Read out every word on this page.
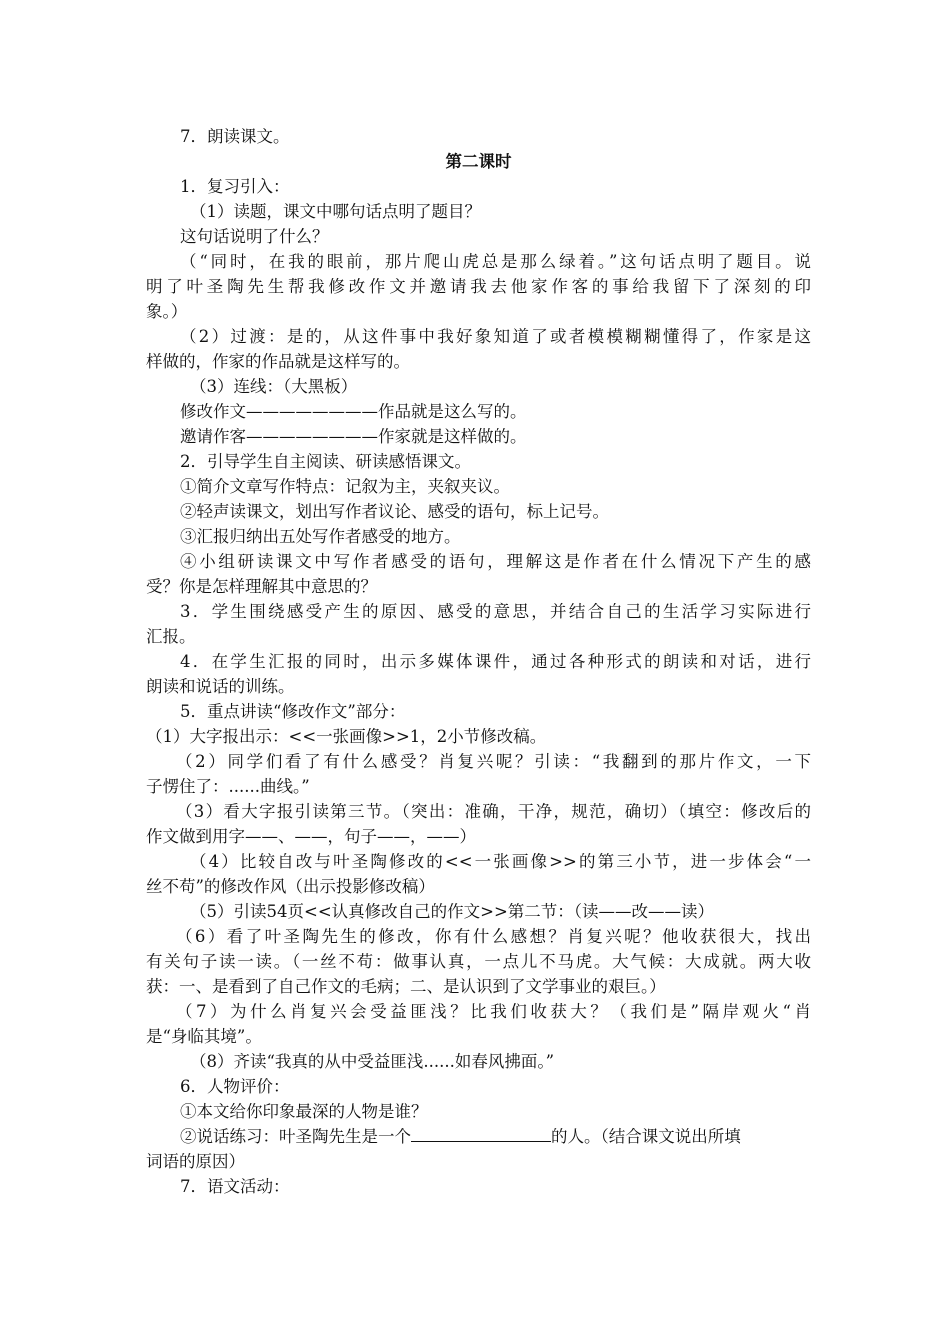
7．朗读课文。
第二课时
1．复习引入：
（1）读题，课文中哪句话点明了题目？
这句话说明了什么？
（“同时，在我的眼前，那片爬山虎总是那么绿着。”这句话点明了题目。说
明了叶圣陶先生帮我修改作文并邀请我去他家作客的事给我留下了深刻的印
象。）
（2）过渡：是的，从这件事中我好象知道了或者模模糊糊懂得了，作家是这
样做的，作家的作品就是这样写的。
（3）连线：（大黑板）
修改作文————————作品就是这么写的。
邀请作客————————作家就是这样做的。
2．引导学生自主阅读、研读感悟课文。
①简介文章写作特点：记叙为主，夹叙夹议。
②轻声读课文，划出写作者议论、感受的语句，标上记号。
③汇报归纳出五处写作者感受的地方。
④小组研读课文中写作者感受的语句，理解这是作者在什么情况下产生的感
受？你是怎样理解其中意思的？
3．学生围绕感受产生的原因、感受的意思，并结合自己的生活学习实际进行
汇报。
4．在学生汇报的同时，出示多媒体课件，通过各种形式的朗读和对话，进行
朗读和说话的训练。
5．重点讲读“修改作文”部分：
（1）大字报出示：<<一张画像>>1，2小节修改稿。
（2）同学们看了有什么感受？肖复兴呢？引读：“我翻到的那片作文，一下
子愣住了：......曲线。”
（3）看大字报引读第三节。（突出：准确，干净，规范，确切）（填空：修改后的
作文做到用字——、——，句子——，——）
（4）比较自改与叶圣陶修改的<<一张画像>>的第三小节，进一步体会“一
丝不苟”的修改作风（出示投影修改稿）
（5）引读54页<<认真修改自己的作文>>第二节：（读——改——读）
（6）看了叶圣陶先生的修改，你有什么感想？肖复兴呢？他收获很大，找出
有关句子读一读。（一丝不苟：做事认真，一点儿不马虎。大气候：大成就。两大收
获：一、是看到了自己作文的毛病；二、是认识到了文学事业的艰巨。）
（7）为什么肖复兴会受益匪浅？比我们收获大？（我们是”隔岸观火“肖
是“身临其境”。
（8）齐读“我真的从中受益匪浅......如春风拂面。”
6．人物评价：
①本文给你印象最深的人物是谁？
②说话练习：叶圣陶先生是一个	的人。（结合课文说出所填
词语的原因）
7．语文活动：
